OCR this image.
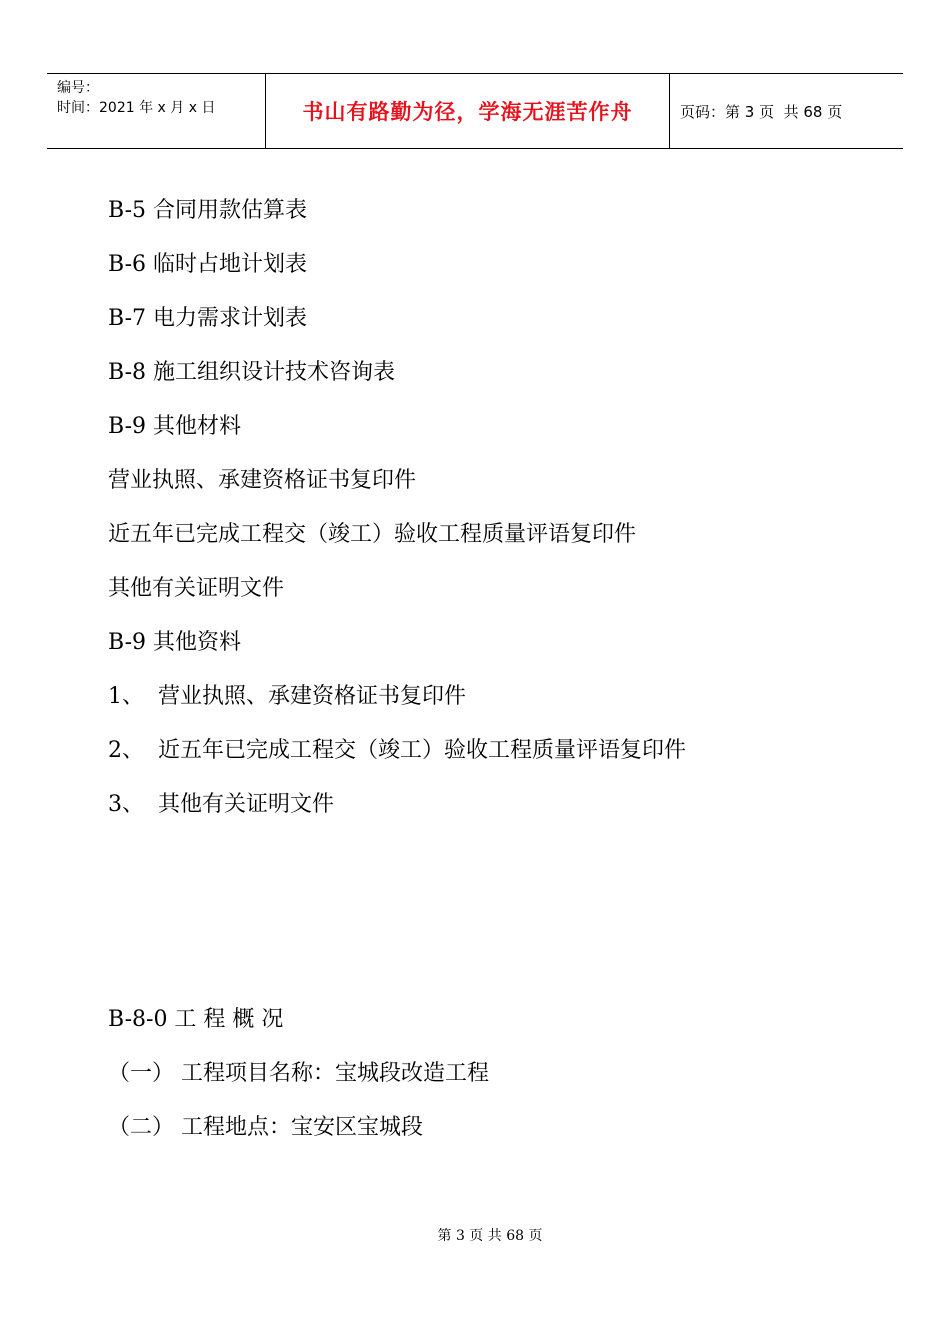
编号：
时间：2021 年 x 月 x 日	书山有路勤为径，学海无涯苦作舟	页码：第 3 页  共 68 页
B-5 合同用款估算表
B-6 临时占地计划表
B-7 电力需求计划表
B-8 施工组织设计技术咨询表
B-9 其他材料
营业执照、承建资格证书复印件
近五年已完成工程交（竣工）验收工程质量评语复印件
其他有关证明文件
B-9 其他资料
1、  营业执照、承建资格证书复印件
2、  近五年已完成工程交（竣工）验收工程质量评语复印件
3、  其他有关证明文件
B-8-0 工 程 概 况
（一） 工程项目名称：宝城段改造工程
（二） 工程地点：宝安区宝城段
第 3 页 共 68 页
